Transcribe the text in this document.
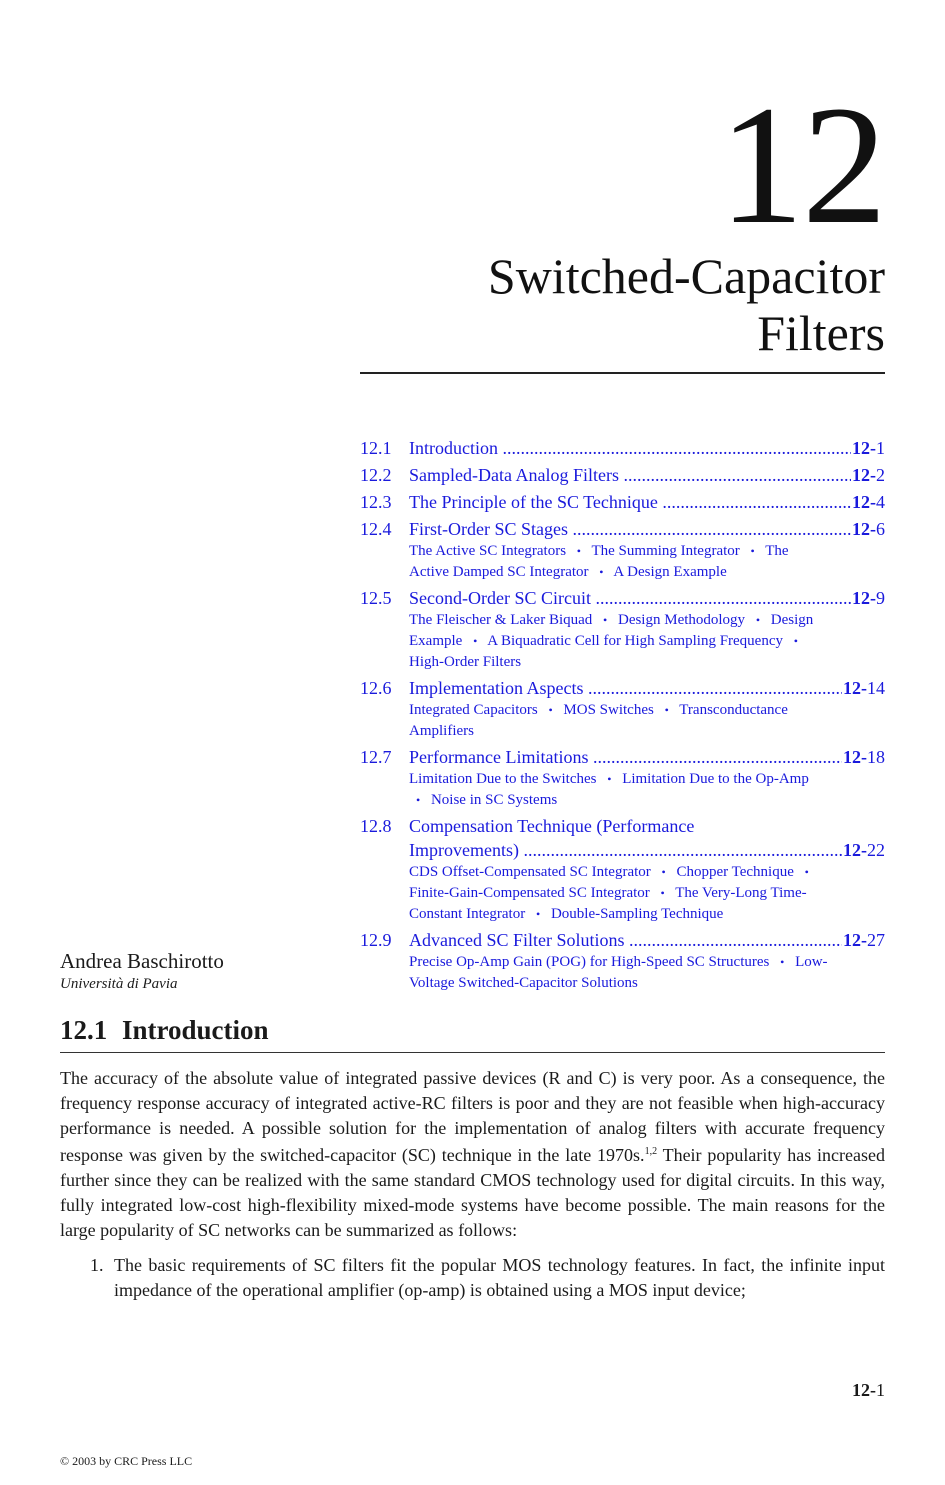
12
Switched-Capacitor
Filters
12.1 Introduction .....	12-1
12.2 Sampled-Data Analog Filters .....	12-2
12.3 The Principle of the SC Technique .....	12-4
12.4 First-Order SC Stages .....	12-6
The Active SC Integrators • The Summing Integrator • The Active Damped SC Integrator • A Design Example
12.5 Second-Order SC Circuit .....	12-9
The Fleischer & Laker Biquad • Design Methodology • Design Example • A Biquadratic Cell for High Sampling Frequency • High-Order Filters
12.6 Implementation Aspects .....	12-14
Integrated Capacitors • MOS Switches • Transconductance Amplifiers
12.7 Performance Limitations .....	12-18
Limitation Due to the Switches • Limitation Due to the Op-Amp • Noise in SC Systems
12.8 Compensation Technique (Performance
Improvements) .....	12-22
CDS Offset-Compensated SC Integrator • Chopper Technique • Finite-Gain-Compensated SC Integrator • The Very-Long Time-Constant Integrator • Double-Sampling Technique
12.9 Advanced SC Filter Solutions .....	12-27
Precise Op-Amp Gain (POG) for High-Speed SC Structures • Low-Voltage Switched-Capacitor Solutions
Andrea Baschirotto
Università di Pavia
12.1 Introduction
The accuracy of the absolute value of integrated passive devices (R and C) is very poor. As a consequence, the frequency response accuracy of integrated active-RC filters is poor and they are not feasible when high-accuracy performance is needed. A possible solution for the implementation of analog filters with accurate frequency response was given by the switched-capacitor (SC) technique in the late 1970s.$^{1,2}$ Their popularity has increased further since they can be realized with the same standard CMOS technology used for digital circuits. In this way, fully integrated low-cost high-flexibility mixed-mode systems have become possible. The main reasons for the large popularity of SC networks can be summarized as follows:
1. The basic requirements of SC filters fit the popular MOS technology features. In fact, the infinite input impedance of the operational amplifier (op-amp) is obtained using a MOS input device;
12-1
© 2003 by CRC Press LLC
